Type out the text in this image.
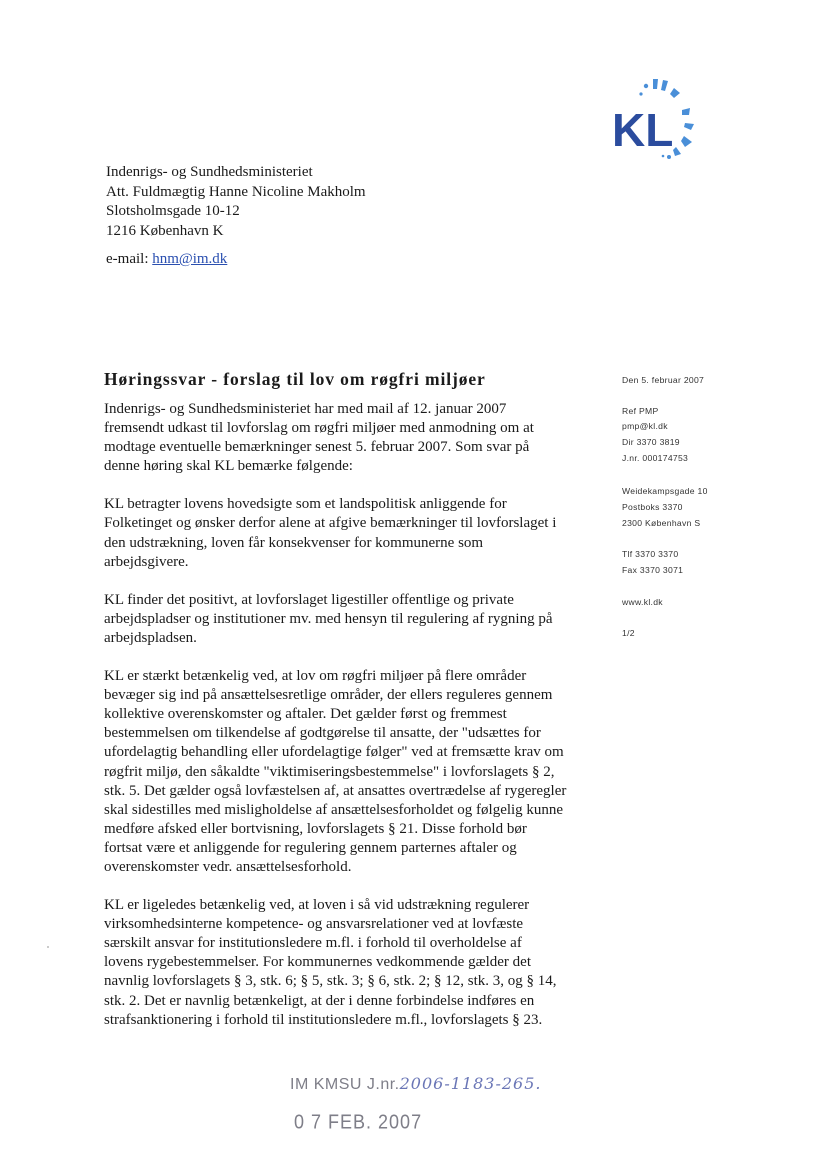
KL
Indenrigs- og Sundhedsministeriet
Att. Fuldmægtig Hanne Nicoline Makholm
Slotsholmsgade 10-12
1216 København K
e-mail: hnm@im.dk
Høringssvar - forslag til lov om røgfri miljøer

Indenrigs- og Sundhedsministeriet har med mail af 12. januar 2007
fremsendt udkast til lovforslag om røgfri miljøer med anmodning om at
modtage eventuelle bemærkninger senest 5. februar 2007. Som svar på
denne høring skal KL bemærke følgende:

KL betragter lovens hovedsigte som et landspolitisk anliggende for
Folketinget og ønsker derfor alene at afgive bemærkninger til lovforslaget i
den udstrækning, loven får konsekvenser for kommunerne som
arbejdsgivere.

KL finder det positivt, at lovforslaget ligestiller offentlige og private
arbejdspladser og institutioner mv. med hensyn til regulering af rygning på
arbejdspladsen.

KL er stærkt betænkelig ved, at lov om røgfri miljøer på flere områder
bevæger sig ind på ansættelsesretlige områder, der ellers reguleres gennem
kollektive overenskomster og aftaler. Det gælder først og fremmest
bestemmelsen om tilkendelse af godtgørelse til ansatte, der "udsættes for
ufordelagtig behandling eller ufordelagtige følger" ved at fremsætte krav om
røgfrit miljø, den såkaldte "viktimiseringsbestemmelse" i lovforslagets § 2,
stk. 5. Det gælder også lovfæstelsen af, at ansattes overtrædelse af rygeregler
skal sidestilles med misligholdelse af ansættelsesforholdet og følgelig kunne
medføre afsked eller bortvisning, lovforslagets § 21. Disse forhold bør
fortsat være et anliggende for regulering gennem parternes aftaler og
overenskomster vedr. ansættelsesforhold.

KL er ligeledes betænkelig ved, at loven i så vid udstrækning regulerer
virksomhedsinterne kompetence- og ansvarsrelationer ved at lovfæste
særskilt ansvar for institutionsledere m.fl. i forhold til overholdelse af
lovens rygebestemmelser. For kommunernes vedkommende gælder det
navnlig lovforslagets § 3, stk. 6; § 5, stk. 3; § 6, stk. 2; § 12, stk. 3, og § 14,
stk. 2. Det er navnlig betænkeligt, at der i denne forbindelse indføres en
strafsanktionering i forhold til institutionsledere m.fl., lovforslagets § 23.

Den 5. februar 2007
Ref PMP
pmp@kl.dk
Dir 3370 3819
J.nr. 000174753
Weidekampsgade 10
Postboks 3370
2300 København S
Tlf 3370 3370
Fax 3370 3071
www.kl.dk
1/2
IM KMSU J.nr.2006-1183-265.
0 7 FEB. 2007
